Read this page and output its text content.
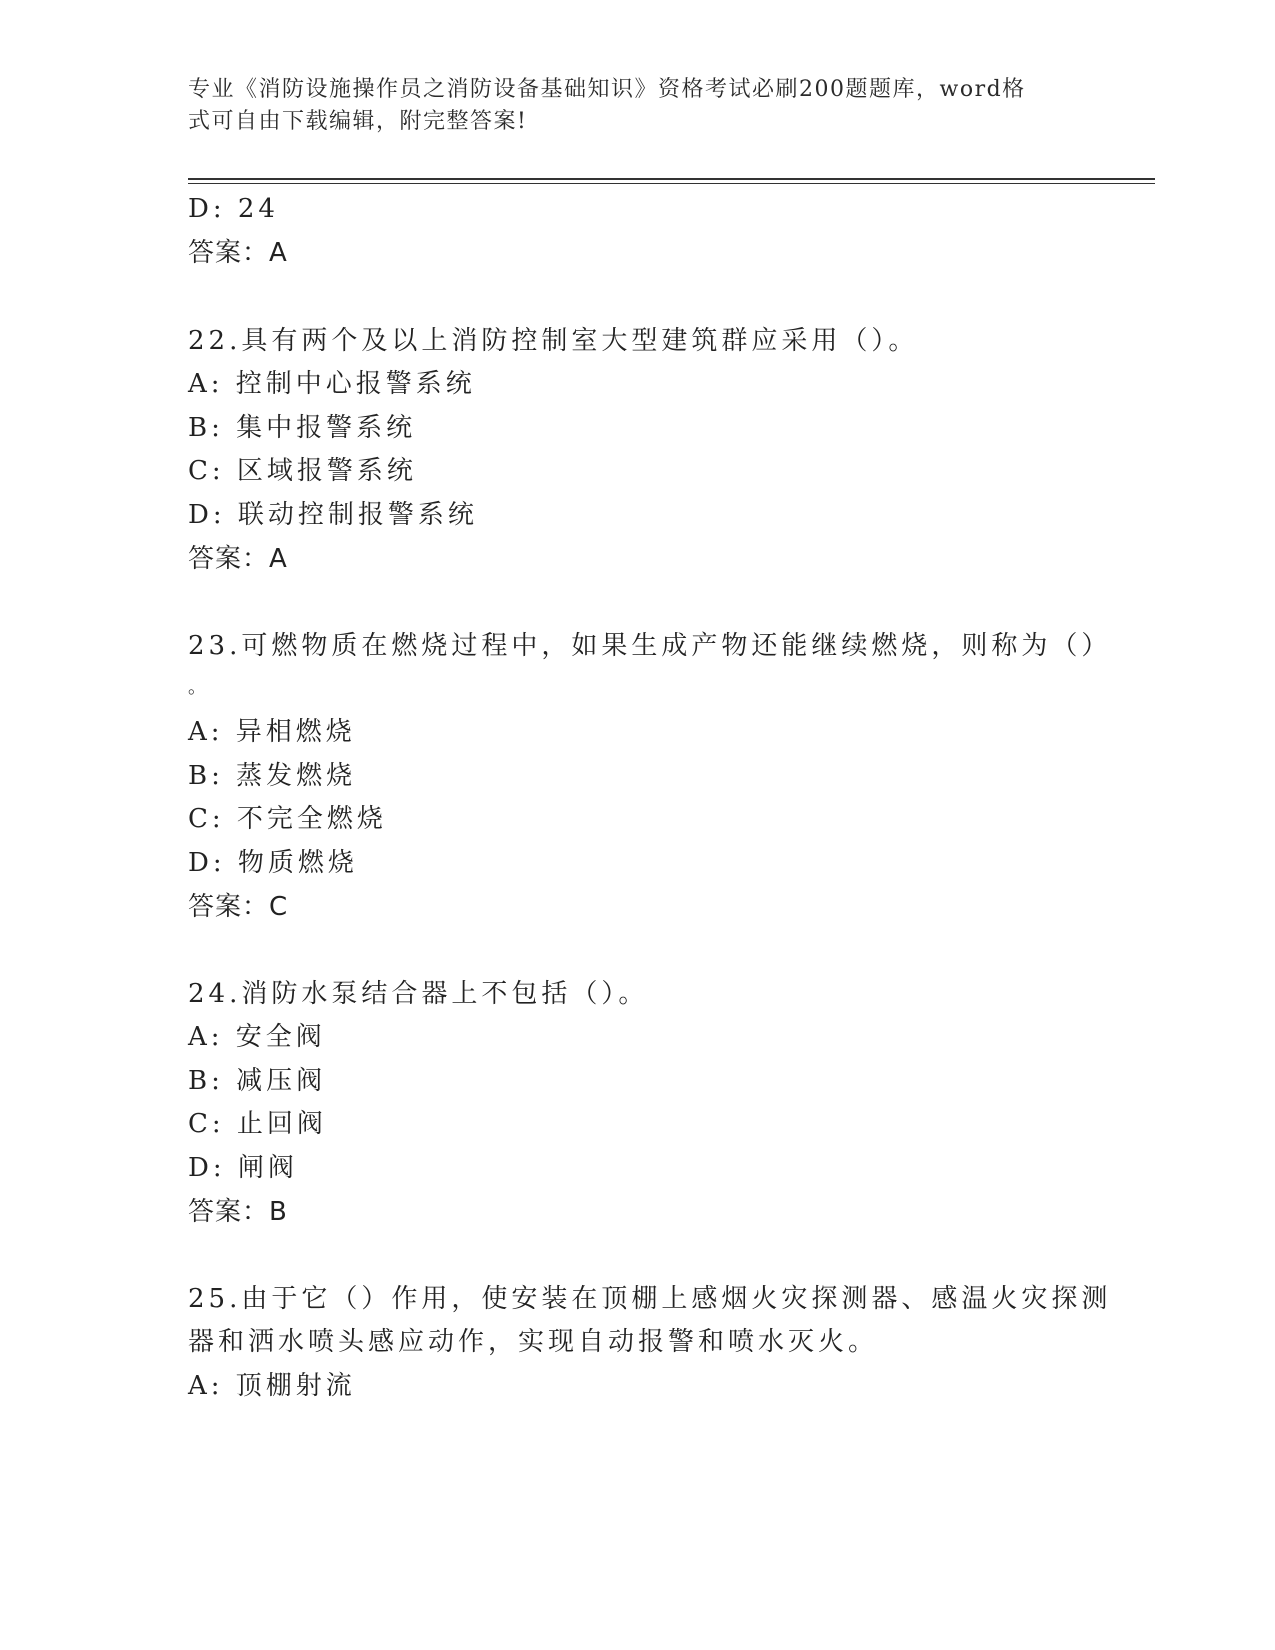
专业《消防设施操作员之消防设备基础知识》资格考试必刷200题题库，word格
式可自由下载编辑，附完整答案!
D: 24
答案：A
22.具有两个及以上消防控制室大型建筑群应采用（）。
A: 控制中心报警系统
B: 集中报警系统
C: 区域报警系统
D: 联动控制报警系统
答案：A
23.可燃物质在燃烧过程中，如果生成产物还能继续燃烧，则称为（）
。
A: 异相燃烧
B: 蒸发燃烧
C: 不完全燃烧
D: 物质燃烧
答案：C
24.消防水泵结合器上不包括（）。
A: 安全阀
B: 减压阀
C: 止回阀
D: 闸阀
答案：B
25.由于它（）作用，使安装在顶棚上感烟火灾探测器、感温火灾探测
器和洒水喷头感应动作，实现自动报警和喷水灭火。
A: 顶棚射流
